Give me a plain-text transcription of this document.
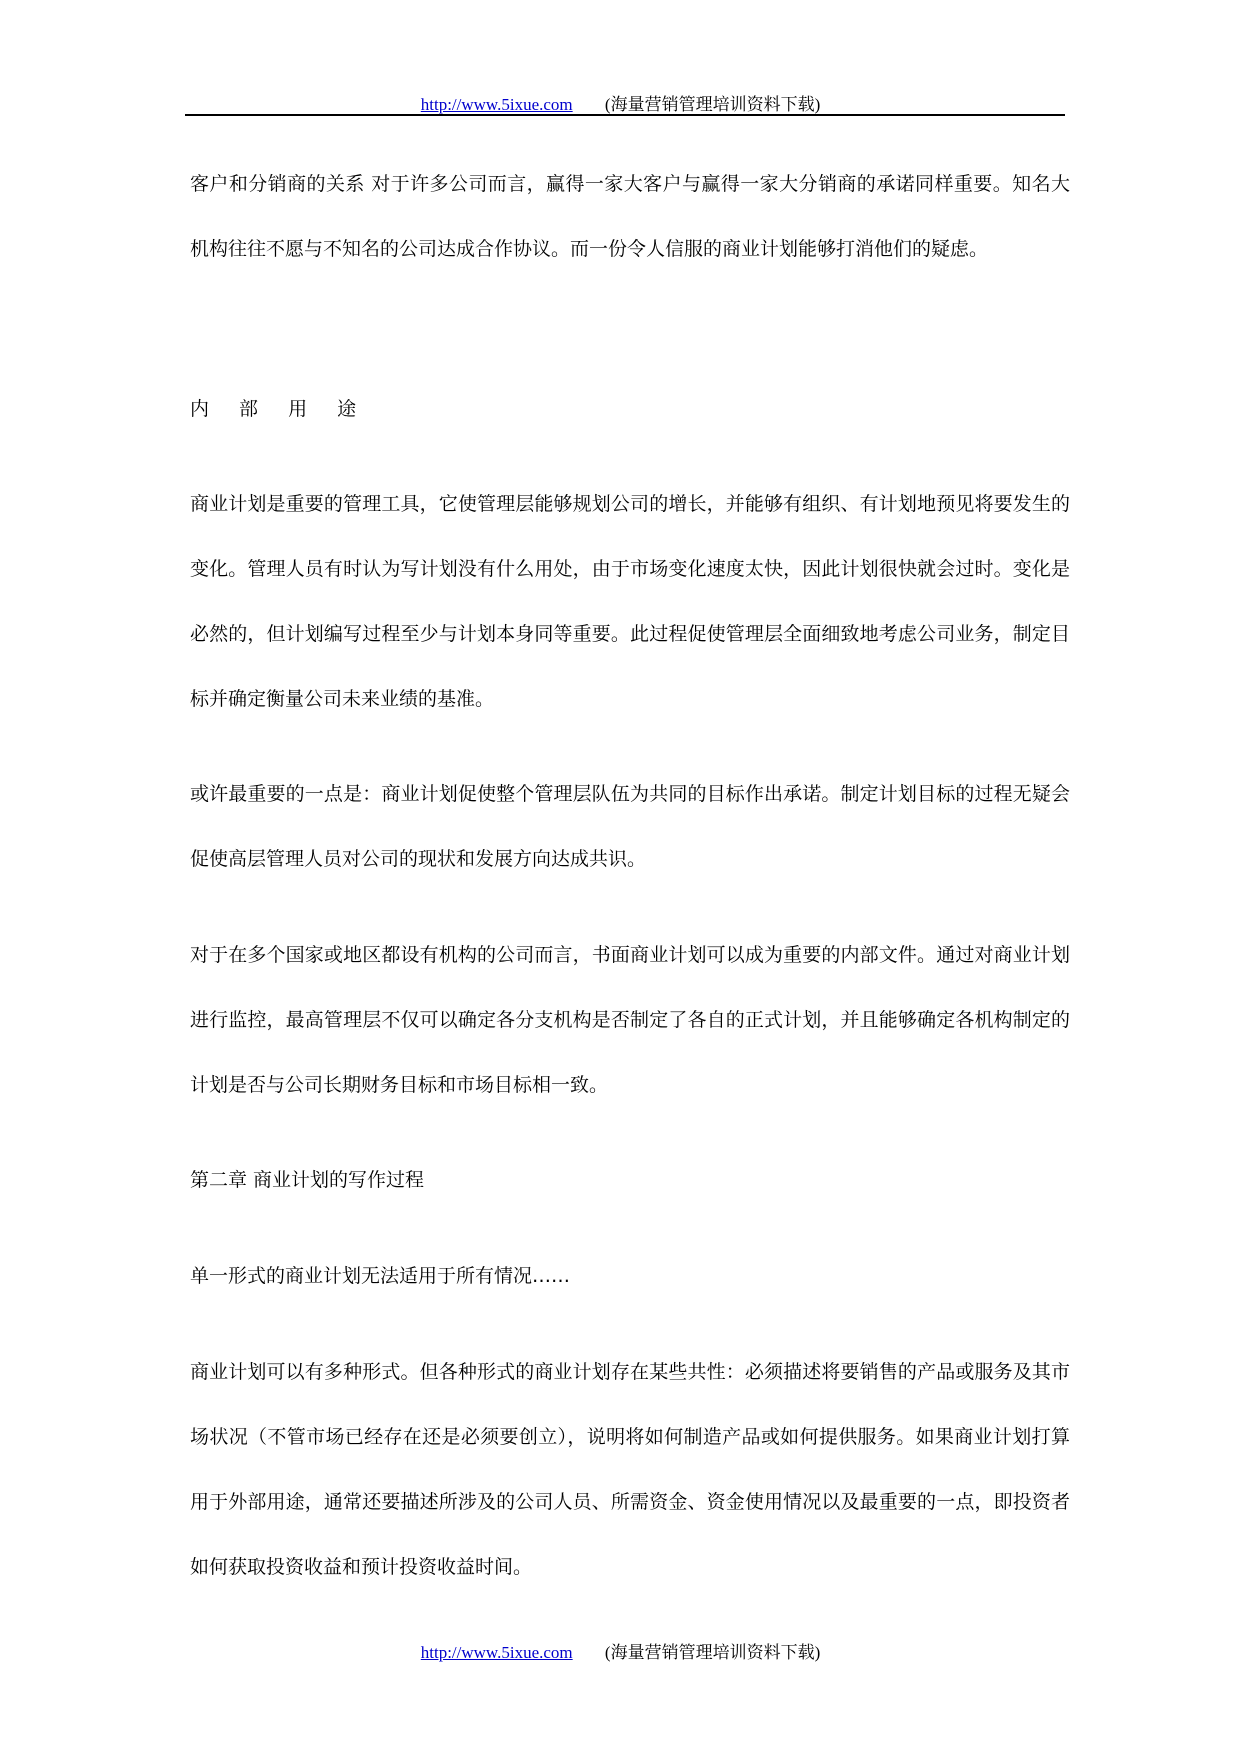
http://www.5ixue.com (海量营销管理培训资料下载)

客户和分销商的关系 对于许多公司而言，赢得一家大客户与赢得一家大分销商的承诺同样重要。知名大机构往往不愿与不知名的公司达成合作协议。而一份令人信服的商业计划能够打消他们的疑虑。

内 部 用 途

商业计划是重要的管理工具，它使管理层能够规划公司的增长，并能够有组织、有计划地预见将要发生的变化。管理人员有时认为写计划没有什么用处，由于市场变化速度太快，因此计划很快就会过时。变化是必然的，但计划编写过程至少与计划本身同等重要。此过程促使管理层全面细致地考虑公司业务，制定目标并确定衡量公司未来业绩的基准。

或许最重要的一点是：商业计划促使整个管理层队伍为共同的目标作出承诺。制定计划目标的过程无疑会促使高层管理人员对公司的现状和发展方向达成共识。

对于在多个国家或地区都设有机构的公司而言，书面商业计划可以成为重要的内部文件。通过对商业计划进行监控，最高管理层不仅可以确定各分支机构是否制定了各自的正式计划，并且能够确定各机构制定的计划是否与公司长期财务目标和市场目标相一致。

第二章 商业计划的写作过程

单一形式的商业计划无法适用于所有情况……

商业计划可以有多种形式。但各种形式的商业计划存在某些共性：必须描述将要销售的产品或服务及其市场状况（不管市场已经存在还是必须要创立），说明将如何制造产品或如何提供服务。如果商业计划打算用于外部用途，通常还要描述所涉及的公司人员、所需资金、资金使用情况以及最重要的一点，即投资者如何获取投资收益和预计投资收益时间。

http://www.5ixue.com (海量营销管理培训资料下载)
